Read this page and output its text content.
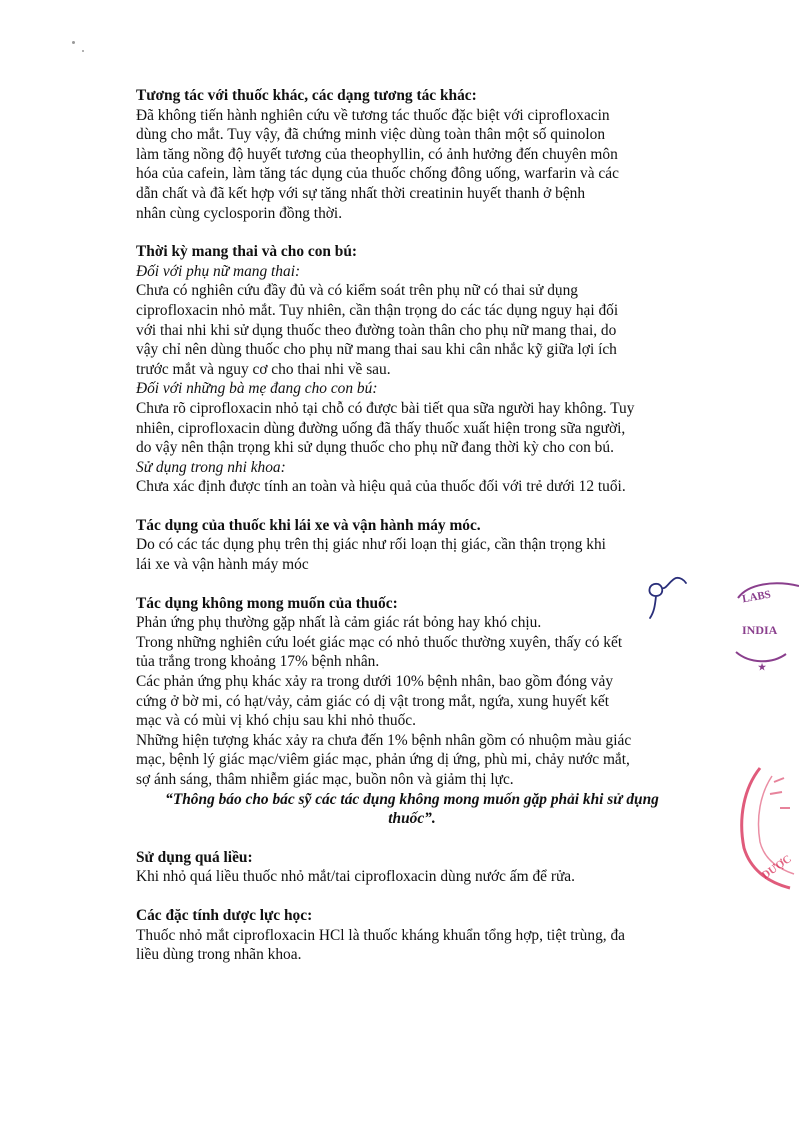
Tương tác với thuốc khác, các dạng tương tác khác:
Đã không tiến hành nghiên cứu về tương tác thuốc đặc biệt với ciprofloxacin
dùng cho mắt. Tuy vậy, đã chứng minh việc dùng toàn thân một số quinolon
làm tăng nồng độ huyết tương của theophyllin, có ảnh hưởng đến chuyên môn
hóa của cafein, làm tăng tác dụng của thuốc chống đông uống, warfarin và các
dẫn chất và đã kết hợp với sự tăng nhất thời creatinin huyết thanh ở bệnh
nhân cùng cyclosporin đồng thời.
Thời kỳ mang thai và cho con bú:
Đối với phụ nữ mang thai:
Chưa có nghiên cứu đầy đủ và có kiểm soát trên phụ nữ có thai sử dụng
ciprofloxacin nhỏ mắt. Tuy nhiên, cần thận trọng do các tác dụng nguy hại đối
với thai nhi khi sử dụng thuốc theo đường toàn thân cho phụ nữ mang thai, do
vậy chỉ nên dùng thuốc cho phụ nữ mang thai sau khi cân nhắc kỹ giữa lợi ích
trước mắt và nguy cơ cho thai nhi về sau.
Đối với những bà mẹ đang cho con bú:
Chưa rõ ciprofloxacin nhỏ tại chỗ có được bài tiết qua sữa người hay không. Tuy
nhiên, ciprofloxacin dùng đường uống đã thấy thuốc xuất hiện trong sữa người,
do vậy nên thận trọng khi sử dụng thuốc cho phụ nữ đang thời kỳ cho con bú.
Sử dụng trong nhi khoa:
Chưa xác định được tính an toàn và hiệu quả của thuốc đối với trẻ dưới 12 tuổi.
Tác dụng của thuốc khi lái xe và vận hành máy móc.
Do có các tác dụng phụ trên thị giác như rối loạn thị giác, cần thận trọng khi
lái xe và vận hành máy móc
Tác dụng không mong muốn của thuốc:
Phản ứng phụ thường gặp nhất là cảm giác rát bỏng hay khó chịu.
Trong những nghiên cứu loét giác mạc có nhỏ thuốc thường xuyên, thấy có kết
tủa trắng trong khoảng 17% bệnh nhân.
Các phản ứng phụ khác xảy ra trong dưới 10% bệnh nhân, bao gồm đóng vảy
cứng ở bờ mi, có hạt/vảy, cảm giác có dị vật trong mắt, ngứa, xung huyết kết
mạc và có mùi vị khó chịu sau khi nhỏ thuốc.
Những hiện tượng khác xảy ra chưa đến 1% bệnh nhân gồm có nhuộm màu giác
mạc, bệnh lý giác mạc/viêm giác mạc, phản ứng dị ứng, phù mi, chảy nước mắt,
sợ ánh sáng, thâm nhiễm giác mạc, buồn nôn và giảm thị lực.
“Thông báo cho bác sỹ các tác dụng không mong muốn gặp phải khi sử dụng
thuốc”.
Sử dụng quá liều:
Khi nhỏ quá liều thuốc nhỏ mắt/tai ciprofloxacin dùng nước ấm để rửa.
Các đặc tính dược lực học:
Thuốc nhỏ mắt ciprofloxacin HCl là thuốc kháng khuẩn tổng hợp, tiệt trùng, đa
liều dùng trong nhãn khoa.
LABS
INDIA
★
DƯỢC
